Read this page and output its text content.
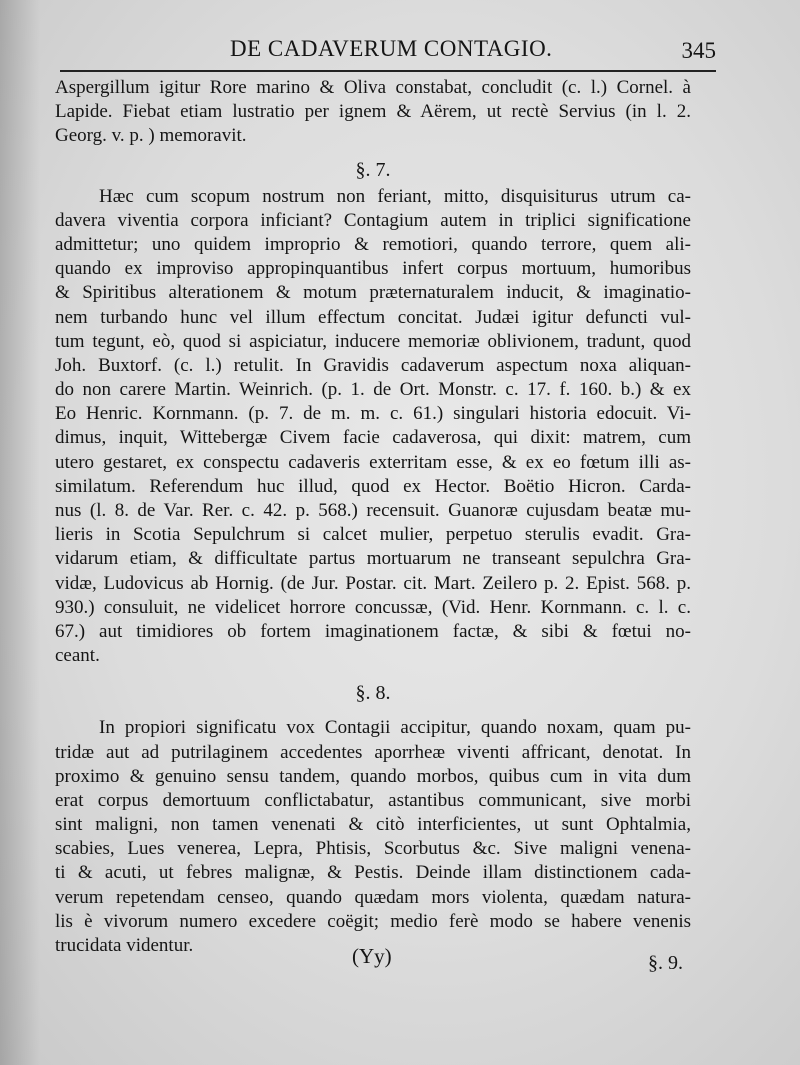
DE CADAVERUM CONTAGIO.	345
Aspergillum igitur Rore marino & Oliva constabat, concludit (c. l.) Cornel. à
Lapide. Fiebat etiam lustratio per ignem & Aërem, ut rectè Servius (in l. 2.
Georg. v. p. ) memoravit.
§. 7.
Hæc cum scopum nostrum non feriant, mitto, disquisiturus utrum ca-
davera viventia corpora inficiant? Contagium autem in triplici significatione
admittetur; uno quidem improprio & remotiori, quando terrore, quem ali-
quando ex improviso appropinquantibus infert corpus mortuum, humoribus
& Spiritibus alterationem & motum præternaturalem inducit, & imaginatio-
nem turbando hunc vel illum effectum concitat. Judæi igitur defuncti vul-
tum tegunt, eò, quod si aspiciatur, inducere memoriæ oblivionem, tradunt, quod
Joh. Buxtorf. (c. l.) retulit. In Gravidis cadaverum aspectum noxa aliquan-
do non carere Martin. Weinrich. (p. 1. de Ort. Monstr. c. 17. f. 160. b.) & ex
Eo Henric. Kornmann. (p. 7. de m. m. c. 61.) singulari historia edocuit. Vi-
dimus, inquit, Wittebergæ Civem facie cadaverosa, qui dixit: matrem, cum
utero gestaret, ex conspectu cadaveris exterritam esse, & ex eo fœtum illi as-
similatum. Referendum huc illud, quod ex Hector. Boëtio Hicron. Carda-
nus (l. 8. de Var. Rer. c. 42. p. 568.) recensuit. Guanoræ cujusdam beatæ mu-
lieris in Scotia Sepulchrum si calcet mulier, perpetuo sterulis evadit. Gra-
vidarum etiam, & difficultate partus mortuarum ne transeant sepulchra Gra-
vidæ, Ludovicus ab Hornig. (de Jur. Postar. cit. Mart. Zeilero p. 2. Epist. 568. p.
930.) consuluit, ne videlicet horrore concussæ, (Vid. Henr. Kornmann. c. l. c.
67.) aut timidiores ob fortem imaginationem factæ, & sibi & fœtui no-
ceant.
§. 8.
In propiori significatu vox Contagii accipitur, quando noxam, quam pu-
tridæ aut ad putrilaginem accedentes aporrheæ viventi affricant, denotat. In
proximo & genuino sensu tandem, quando morbos, quibus cum in vita dum
erat corpus demortuum conflictabatur, astantibus communicant, sive morbi
sint maligni, non tamen venenati & citò interficientes, ut sunt Ophtalmia,
scabies, Lues venerea, Lepra, Phtisis, Scorbutus &c. Sive maligni venena-
ti & acuti, ut febres malignæ, & Pestis. Deinde illam distinctionem cada-
verum repetendam censeo, quando quædam mors violenta, quædam natura-
lis è vivorum numero excedere coëgit; medio ferè modo se habere venenis
trucidata videntur.	(Yy)	§. 9.
